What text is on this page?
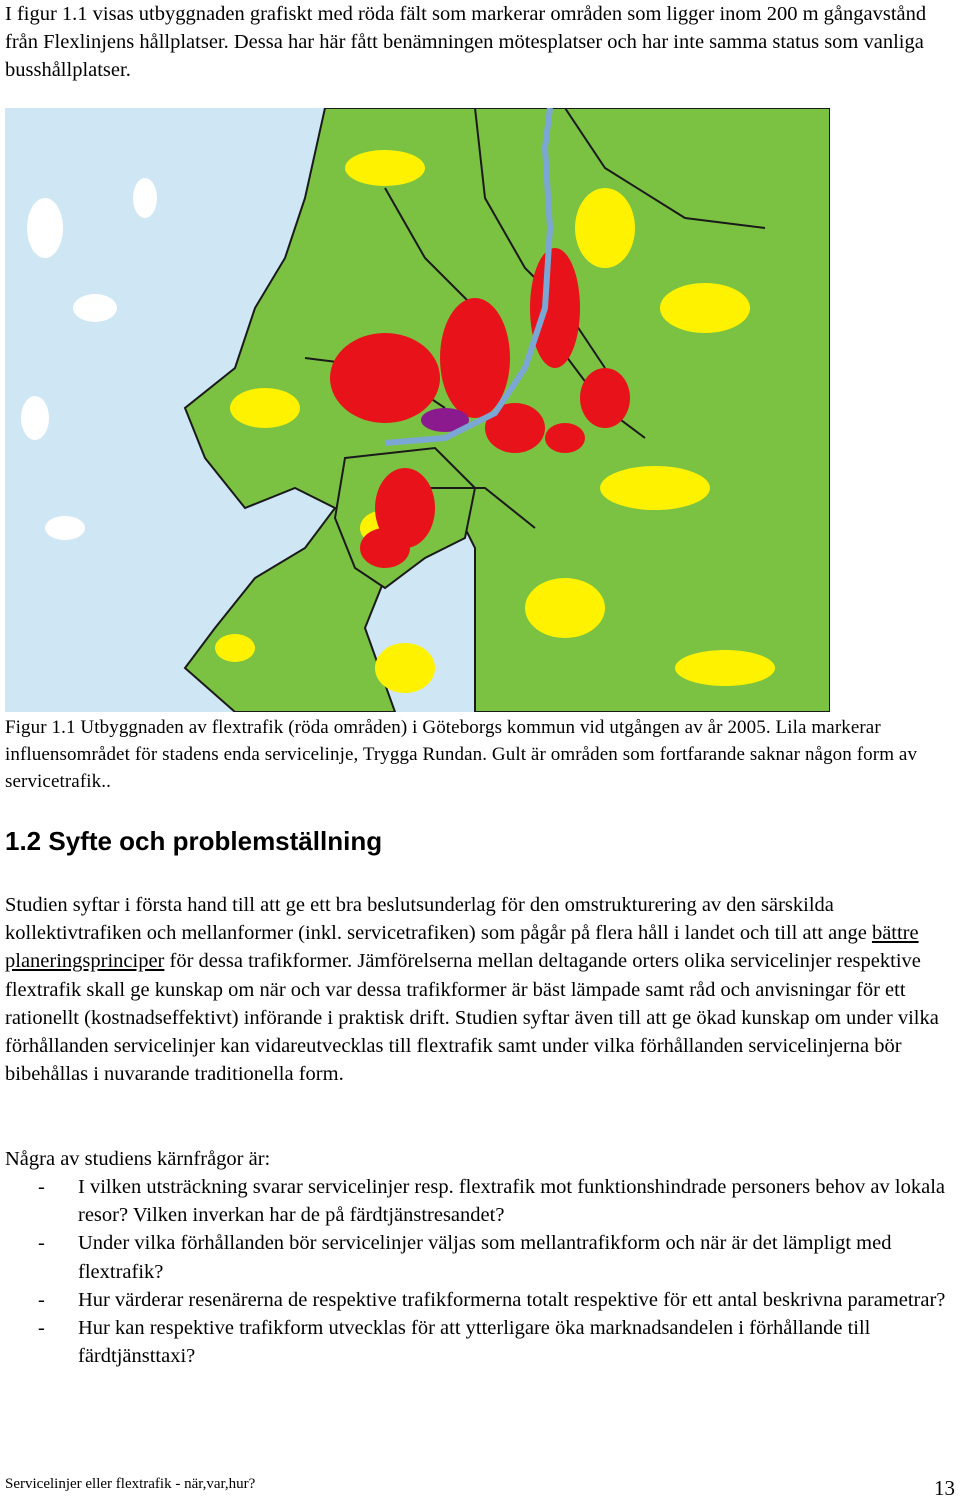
I figur 1.1 visas utbyggnaden grafiskt med röda fält som markerar områden som ligger inom 200 m gångavstånd från Flexlinjens hållplatser. Dessa har här fått benämningen mötesplatser och har inte samma status som vanliga busshållplatser.

Figur 1.1 Utbyggnaden av flextrafik (röda områden) i Göteborgs kommun vid utgången av år 2005. Lila markerar influensområdet för stadens enda servicelinje, Trygga Rundan. Gult är områden som fortfarande saknar någon form av servicetrafik..

1.2 Syfte och problemställning

Studien syftar i första hand till att ge ett bra beslutsunderlag för den omstrukturering av den särskilda kollektivtrafiken och mellanformer (inkl. servicetrafiken) som pågår på flera håll i landet och till att ange bättre planeringsprinciper för dessa trafikformer. Jämförelserna mellan deltagande orters olika servicelinjer respektive flextrafik skall ge kunskap om när och var dessa trafikformer är bäst lämpade samt råd och anvisningar för ett rationellt (kostnadseffektivt) införande i praktisk drift. Studien syftar även till att ge ökad kunskap om under vilka förhållanden servicelinjer kan vidareutvecklas till flextrafik samt under vilka förhållanden servicelinjerna bör bibehållas i nuvarande traditionella form.

Några av studiens kärnfrågor är:

- I vilken utsträckning svarar servicelinjer resp. flextrafik mot funktionshindrade personers behov av lokala resor? Vilken inverkan har de på färdtjänstresandet?
- Under vilka förhållanden bör servicelinjer väljas som mellantrafikform och när är det lämpligt med flextrafik?
- Hur värderar resenärerna de respektive trafikformerna totalt respektive för ett antal beskrivna parametrar?
- Hur kan respektive trafikform utvecklas för att ytterligare öka marknadsandelen i förhållande till färdtjänsttaxi?
Servicelinjer eller flextrafik - när,var,hur?	13
